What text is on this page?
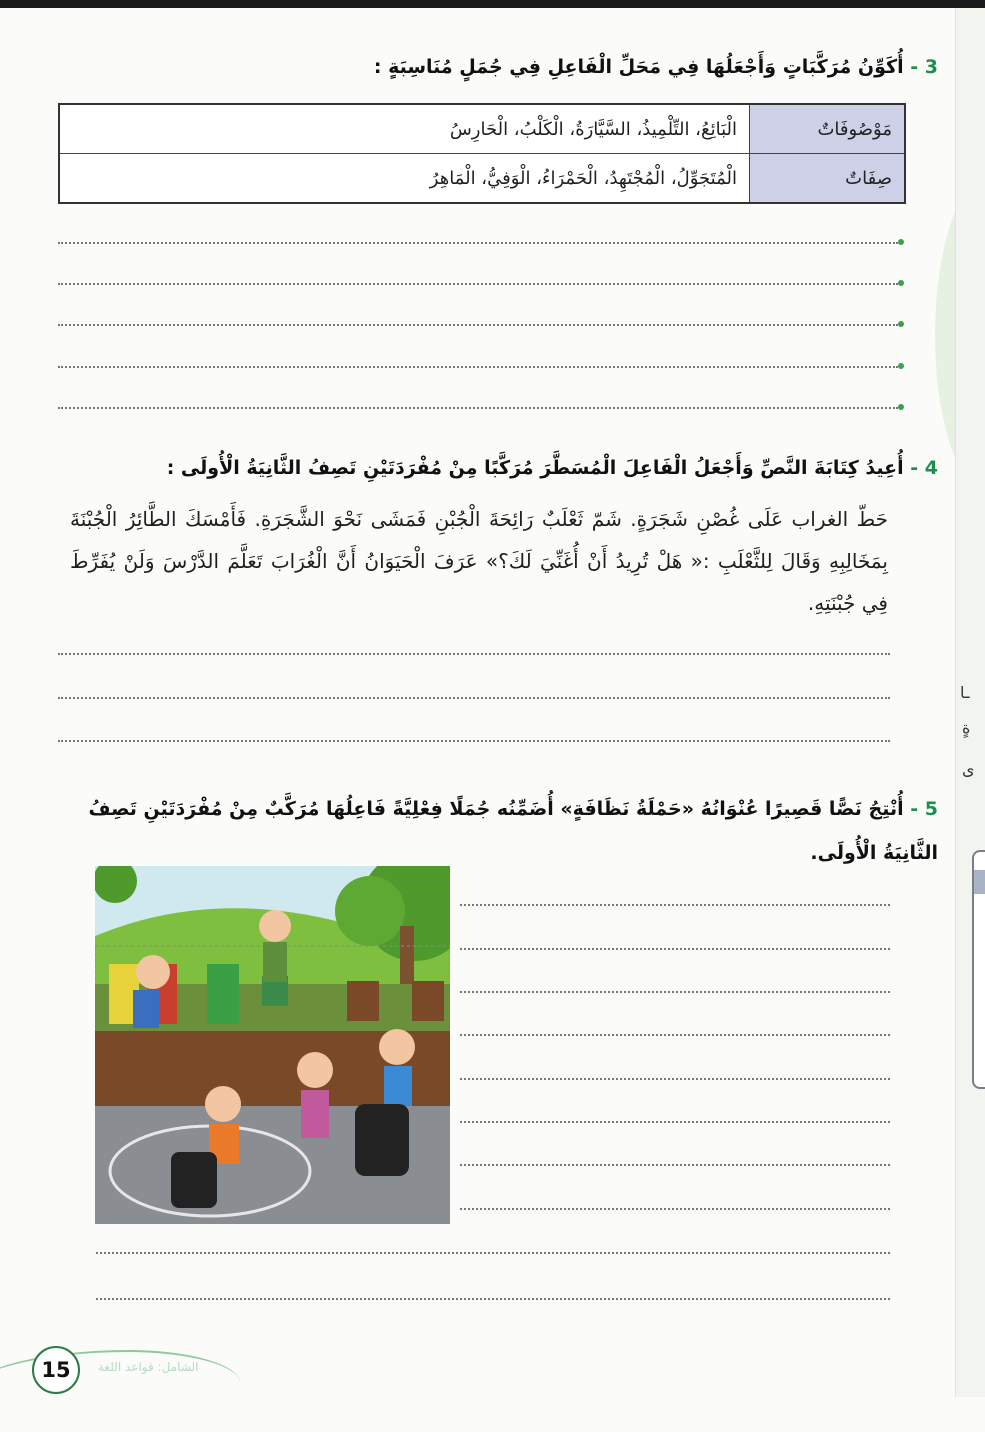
ـا
ةٍ
ى
3 - أُكَوِّنُ مُرَكَّبَاتٍ وَأَجْعَلُهَا فِي مَحَلِّ الْفَاعِلِ فِي جُمَلٍ مُنَاسِبَةٍ :
مَوْصُوفَاتٌ	الْبَائِعُ، التِّلْمِيذُ، السَّيَّارَةُ، الْكَلْبُ، الْحَارِسُ
صِفَاتٌ	الْمُتَجَوِّلُ، الْمُجْتَهِدُ، الْحَمْرَاءُ، الْوَفِيُّ، الْمَاهِرُ
4 - أُعِيدُ كِتَابَةَ النَّصِّ وَأَجْعَلُ الْفَاعِلَ الْمُسَطَّرَ مُرَكَّبًا مِنْ مُفْرَدَتَيْنِ تَصِفُ الثَّانِيَةُ الْأُولَى :
حَطّ الغراب عَلَى غُصْنِ شَجَرَةٍ. شَمّ ثَعْلَبٌ رَائِحَةَ الْجُبْنِ فَمَشَى نَحْوَ الشَّجَرَةِ. فَأَمْسَكَ الطَّائِرُ الْجُبْنَةَ بِمَخَالِبِهِ وَقَالَ لِلثَّعْلَبِ :« هَلْ تُرِيدُ أَنْ أُغَنِّيَ لَكَ؟» عَرَفَ الْحَيَوَانُ أَنَّ الْغُرَابَ تَعَلَّمَ الدَّرْسَ وَلَنْ يُفَرِّطَ فِي جُبْنَتِهِ.
5 - أُنْتِجُ نَصًّا قَصِيرًا عُنْوَانُهُ «حَمْلَةُ نَظَافَةٍ» أُضَمِّنُه جُمَلًا فِعْلِيَّةً فَاعِلُهَا مُرَكَّبٌ مِنْ مُفْرَدَتَيْنِ تَصِفُ الثَّانِيَةُ الْأُولَى.
15	الشامل: قواعد اللغة
